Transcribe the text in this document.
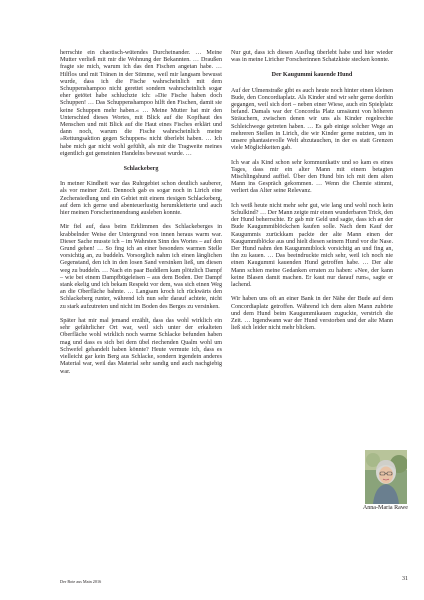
herrschte ein chaotisch-wütendes Durcheinander. … Meine Mutter verließ mit mir die Wohnung der Bekannten. … Draußen fragte sie mich, warum ich das den Fischen angetan habe. … Hilflos und mit Tränen in der Stimme, weil mir langsam bewusst wurde, dass ich die Fische wahrscheinlich mit dem Schuppenshampoo nicht gerettet sondern wahrscheinlich sogar eher getötet habe schluchzte ich: »Die Fische haben doch Schuppen! … Das Schuppenshampoo hilft den Fischen, damit sie keine Schuppen mehr haben.« … Meine Mutter hat mir den Unterschied dieses Wortes, mit Blick auf die Kopfhaut des Menschen und mit Blick auf die Haut eines Fisches erklärt und dann noch, warum die Fische wahrscheinlich meine »Rettungsaktion gegen Schuppen« nicht überlebt haben. … Ich habe mich gar nicht wohl gefühlt, als mir die Tragweite meines eigentlich gut gemeinten Handelns bewusst wurde. …

Schlackeberg

In meiner Kindheit war das Ruhrgebiet schon deutlich sauberer, als vor meiner Zeit. Dennoch gab es sogar noch in Lirich eine Zechensiedlung und ein Gebiet mit einem riesigen Schlackeberg, auf dem ich gerne und abenteuerlustig herumkletterte und auch hier meinen Forscherinnendrang ausleben konnte.

Mir fiel auf, dass beim Erklimmen des Schlackeberges in krabbelnder Weise der Untergrund von innen heraus warm war. Dieser Sache musste ich – im Wahrsten Sinn des Wortes – auf den Grund gehen! … So fing ich an einer besonders warmen Stelle vorsichtig an, zu buddeln. Vorsorglich nahm ich einen länglichen Gegenstand, den ich in den losen Sand versinken ließ, um diesen weg zu buddeln. … Nach ein paar Buddlern kam plötzlich Dampf – wie bei einem Dampfbügeleisen – aus dem Boden. Der Dampf stank ekelig und ich bekam Respekt vor dem, was sich einen Weg an die Oberfläche bahnte. … Langsam kroch ich rückwärts den Schlackeberg runter, während ich nun sehr darauf achtete, nicht zu stark aufzutreten und nicht im Boden des Berges zu versinken.

Später hat mir mal jemand erzählt, dass das wohl wirklich ein sehr gefährlicher Ort war, weil sich unter der erkalteten Oberfläche wohl wirklich noch warme Schlacke befunden haben mag und dass es sich bei dem übel riechenden Qualm wohl um Schwefel gehandelt haben könnte? Heute vermute ich, dass es vielleicht gar kein Berg aus Schlacke, sondern irgendein anderes Material war, weil das Material sehr sandig und auch nachgiebig war.

Nur gut, dass ich diesen Ausflug überlebt habe und hier wieder was in meine Liricher Forscherinnen Schatzkiste stecken konnte.

Der Kaugummi kauende Hund

Auf der Ulmenstraße gibt es auch heute noch hinter einen kleinen Bude, den Concordiaplatz. Als Kinder sind wir sehr gerne dorthin gegangen, weil sich dort – neben einer Wiese, auch ein Spielplatz befand. Damals war der Concordia Platz umsäumt von höheren Sträuchern, zwischen denen wir uns als Kinder regelrechte Schleichwege getreten haben. … Es gab einige solcher Wege an mehreren Stellen in Lirich, die wir Kinder gerne nutzten, um in unsere phantasievolle Welt abzutauchen, in der es statt Grenzen viele Möglichkeiten gab.

Ich war als Kind schon sehr kommunikativ und so kam es eines Tages, dass mir ein alter Mann mit einem betagten Mischlingshund auffiel. Über den Hund bin ich mit dem alten Mann ins Gespräch gekommen. … Wenn die Chemie stimmt, verliert das Alter seine Relevanz.

Ich weiß heute nicht mehr sehr gut, wie lang und wohl noch kein Schulkind? … Der Mann zeigte mir einen wunderbaren Trick, den der Hund beherrschte. Er gab mir Geld und sagte, dass ich an der Bude Kaugummiblöckchen kaufen solle. Nach dem Kauf der Kaugummis zurückkam packte der alte Mann einen der Kaugummiblöcke aus und hielt diesen seinem Hund vor die Nase. Der Hund nahm den Kaugummiblock vorsichtig an und fing an, ihn zu kauen. … Das beeindruckte mich sehr, weil ich noch nie einen Kaugummi kauenden Hund getroffen habe. … Der alte Mann schien meine Gedanken erraten zu haben: »Nee, der kann keine Blasen damit machen. Er kaut nur darauf rum«, sagte er lachend.

Wir haben uns oft an einer Bank in der Nähe der Bude auf dem Concordiaplatz getroffen. Während ich dem alten Mann zuhörte und dem Hund beim Kaugummikauen zuguckte, verstrich die Zeit. … Irgendwann war der Hund verstorben und der alte Mann ließ sich leider nicht mehr blicken.

Anna-Maria Rawe
Der Bote aus Main 2016	31
